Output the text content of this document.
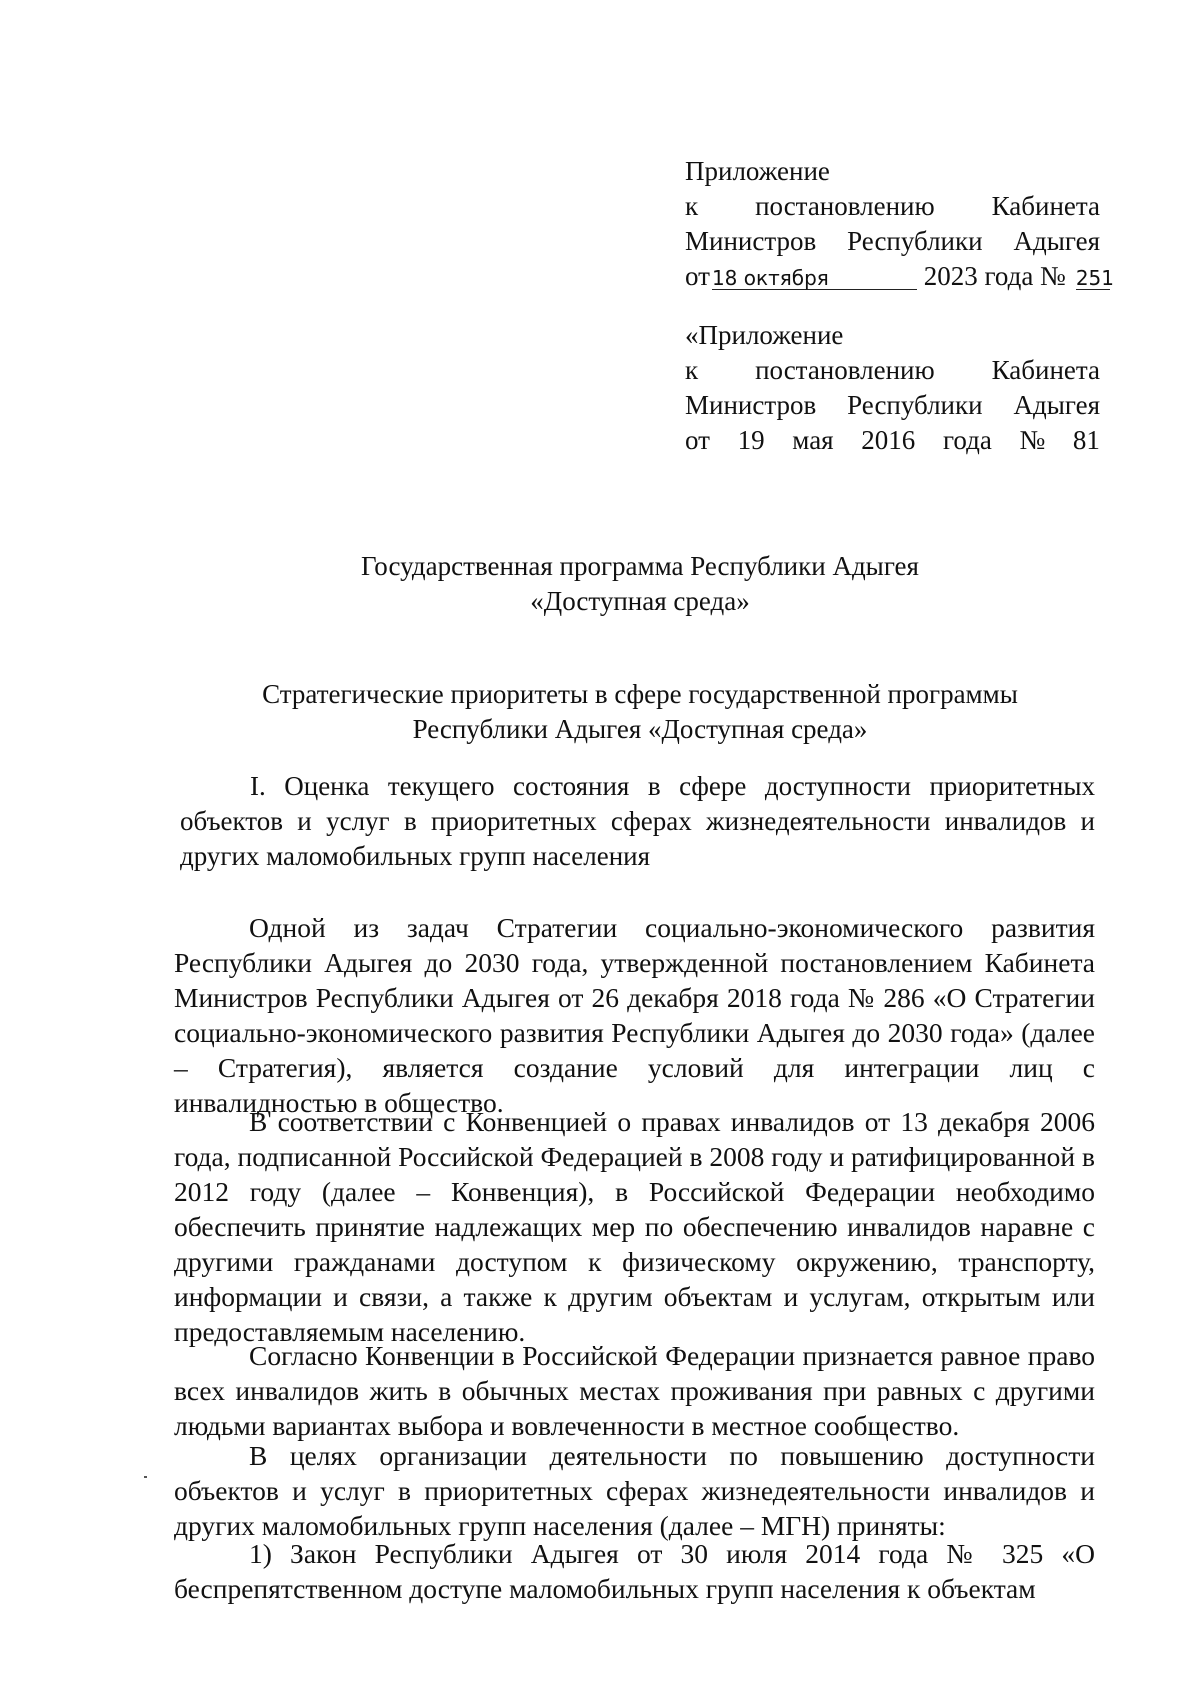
Приложение
к постановлению Кабинета
Министров Республики Адыгея
от 18 октября	2023 года № 251
«Приложение
к постановлению Кабинета
Министров Республики Адыгея
от 19 мая 2016 года № 81
Государственная программа Республики Адыгея
«Доступная среда»
Стратегические приоритеты в сфере государственной программы
Республики Адыгея «Доступная среда»
I. Оценка текущего состояния в сфере доступности приоритетных объектов и услуг в приоритетных сферах жизнедеятельности инвалидов и других маломобильных групп населения

Одной из задач Стратегии социально-экономического развития Республики Адыгея до 2030 года, утвержденной постановлением Кабинета Министров Республики Адыгея от 26 декабря 2018 года № 286 «О Стратегии социально-экономического развития Республики Адыгея до 2030 года» (далее – Стратегия), является создание условий для интеграции лиц с инвалидностью в общество.

В соответствии с Конвенцией о правах инвалидов от 13 декабря 2006 года, подписанной Российской Федерацией в 2008 году и ратифицированной в 2012 году (далее – Конвенция), в Российской Федерации необходимо обеспечить принятие надлежащих мер по обеспечению инвалидов наравне с другими гражданами доступом к физическому окружению, транспорту, информации и связи, а также к другим объектам и услугам, открытым или предоставляемым населению.

Согласно Конвенции в Российской Федерации признается равное право всех инвалидов жить в обычных местах проживания при равных с другими людьми вариантах выбора и вовлеченности в местное сообщество.

В целях организации деятельности по повышению доступности объектов и услуг в приоритетных сферах жизнедеятельности инвалидов и других маломобильных групп населения (далее – МГН) приняты:

1) Закон Республики Адыгея от 30 июля 2014 года № 325 «О беспрепятственном доступе маломобильных групп населения к объектам
